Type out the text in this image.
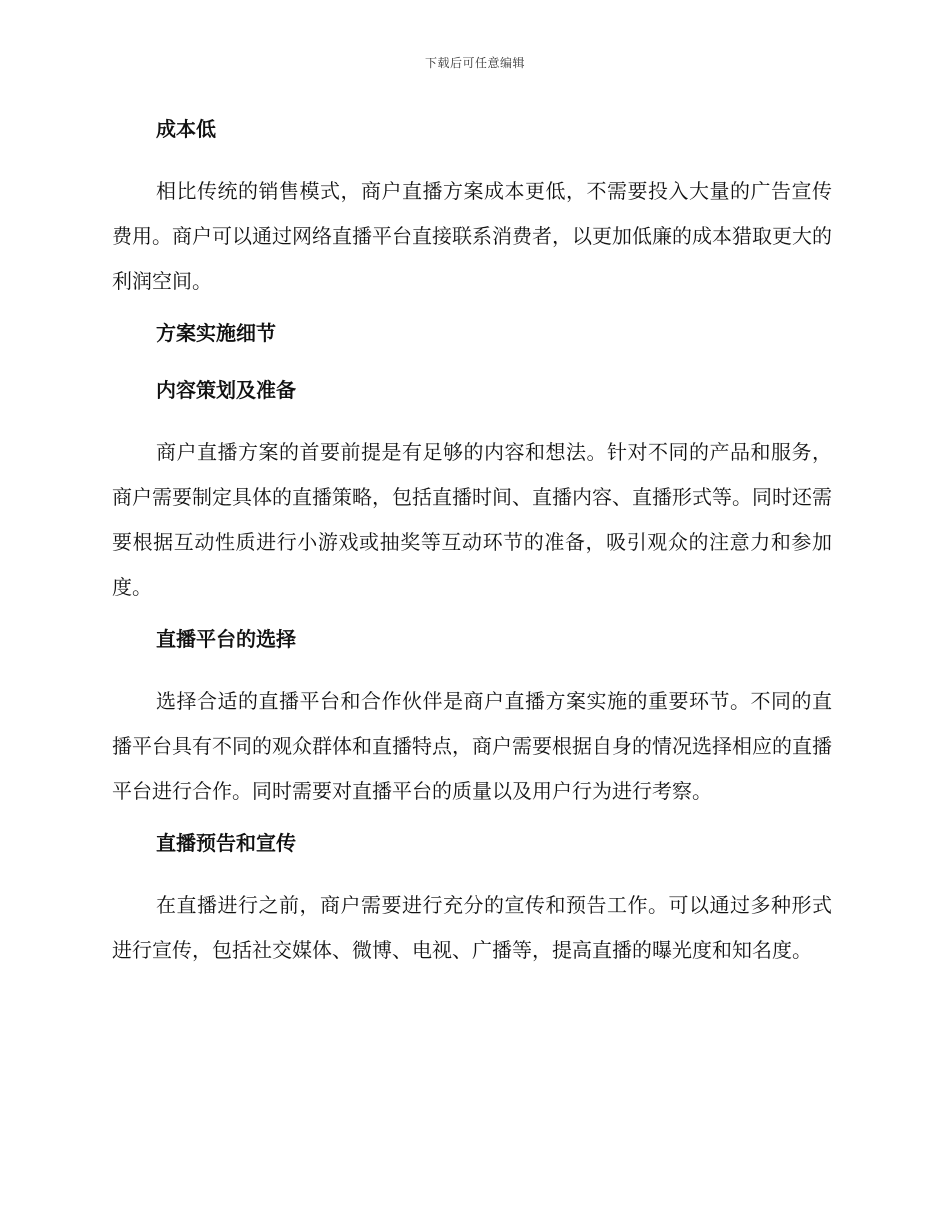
下载后可任意编辑
成本低
相比传统的销售模式，商户直播方案成本更低，不需要投入大量的广告宣传费用。商户可以通过网络直播平台直接联系消费者，以更加低廉的成本猎取更大的利润空间。
方案实施细节
内容策划及准备
商户直播方案的首要前提是有足够的内容和想法。针对不同的产品和服务，商户需要制定具体的直播策略，包括直播时间、直播内容、直播形式等。同时还需要根据互动性质进行小游戏或抽奖等互动环节的准备，吸引观众的注意力和参加度。
直播平台的选择
选择合适的直播平台和合作伙伴是商户直播方案实施的重要环节。不同的直播平台具有不同的观众群体和直播特点，商户需要根据自身的情况选择相应的直播平台进行合作。同时需要对直播平台的质量以及用户行为进行考察。
直播预告和宣传
在直播进行之前，商户需要进行充分的宣传和预告工作。可以通过多种形式进行宣传，包括社交媒体、微博、电视、广播等，提高直播的曝光度和知名度。
